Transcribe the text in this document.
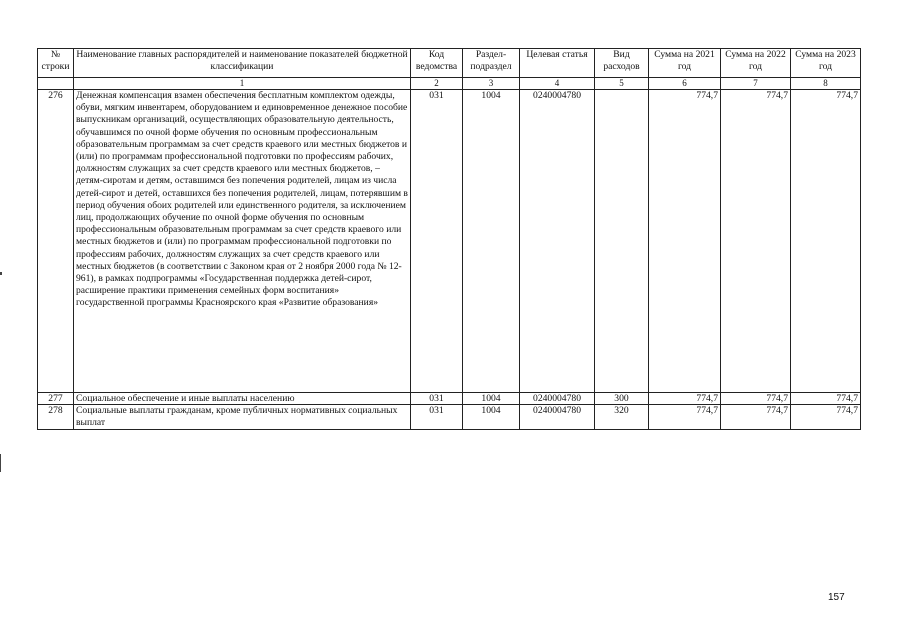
№ строки	Наименование главных распорядителей и наименование показателей бюджетной классификации	Код ведомства	Раздел-подраздел	Целевая статья	Вид расходов	Сумма на 2021 год	Сумма на 2022 год	Сумма на 2023 год
	1	2	3	4	5	6	7	8
276	Денежная компенсация взамен обеспечения бесплатным комплектом одежды, обуви, мягким инвентарем, оборудованием и единовременное денежное пособие выпускникам организаций, осуществляющих образовательную деятельность, обучавшимся по очной форме обучения по основным профессиональным образовательным программам за счет средств краевого или местных бюджетов и (или) по программам профессиональной подготовки по профессиям рабочих, должностям служащих за счет средств краевого или местных бюджетов, – детям-сиротам и детям, оставшимся без попечения родителей, лицам из числа детей-сирот и детей, оставшихся без попечения родителей, лицам, потерявшим в период обучения обоих родителей или единственного родителя, за исключением лиц, продолжающих обучение по очной форме обучения по основным профессиональным образовательным программам за счет средств краевого или местных бюджетов и (или) по программам профессиональной подготовки по профессиям рабочих, должностям служащих за счет средств краевого или местных бюджетов (в соответствии с Законом края от 2 ноября 2000 года № 12-961), в рамках подпрограммы «Государственная поддержка детей-сирот, расширение практики применения семейных форм воспитания» государственной программы Красноярского края «Развитие образования»	031	1004	0240004780		774,7	774,7	774,7
277	Социальное обеспечение и иные выплаты населению	031	1004	0240004780	300	774,7	774,7	774,7
278	Социальные выплаты гражданам, кроме публичных нормативных социальных выплат	031	1004	0240004780	320	774,7	774,7	774,7
157
